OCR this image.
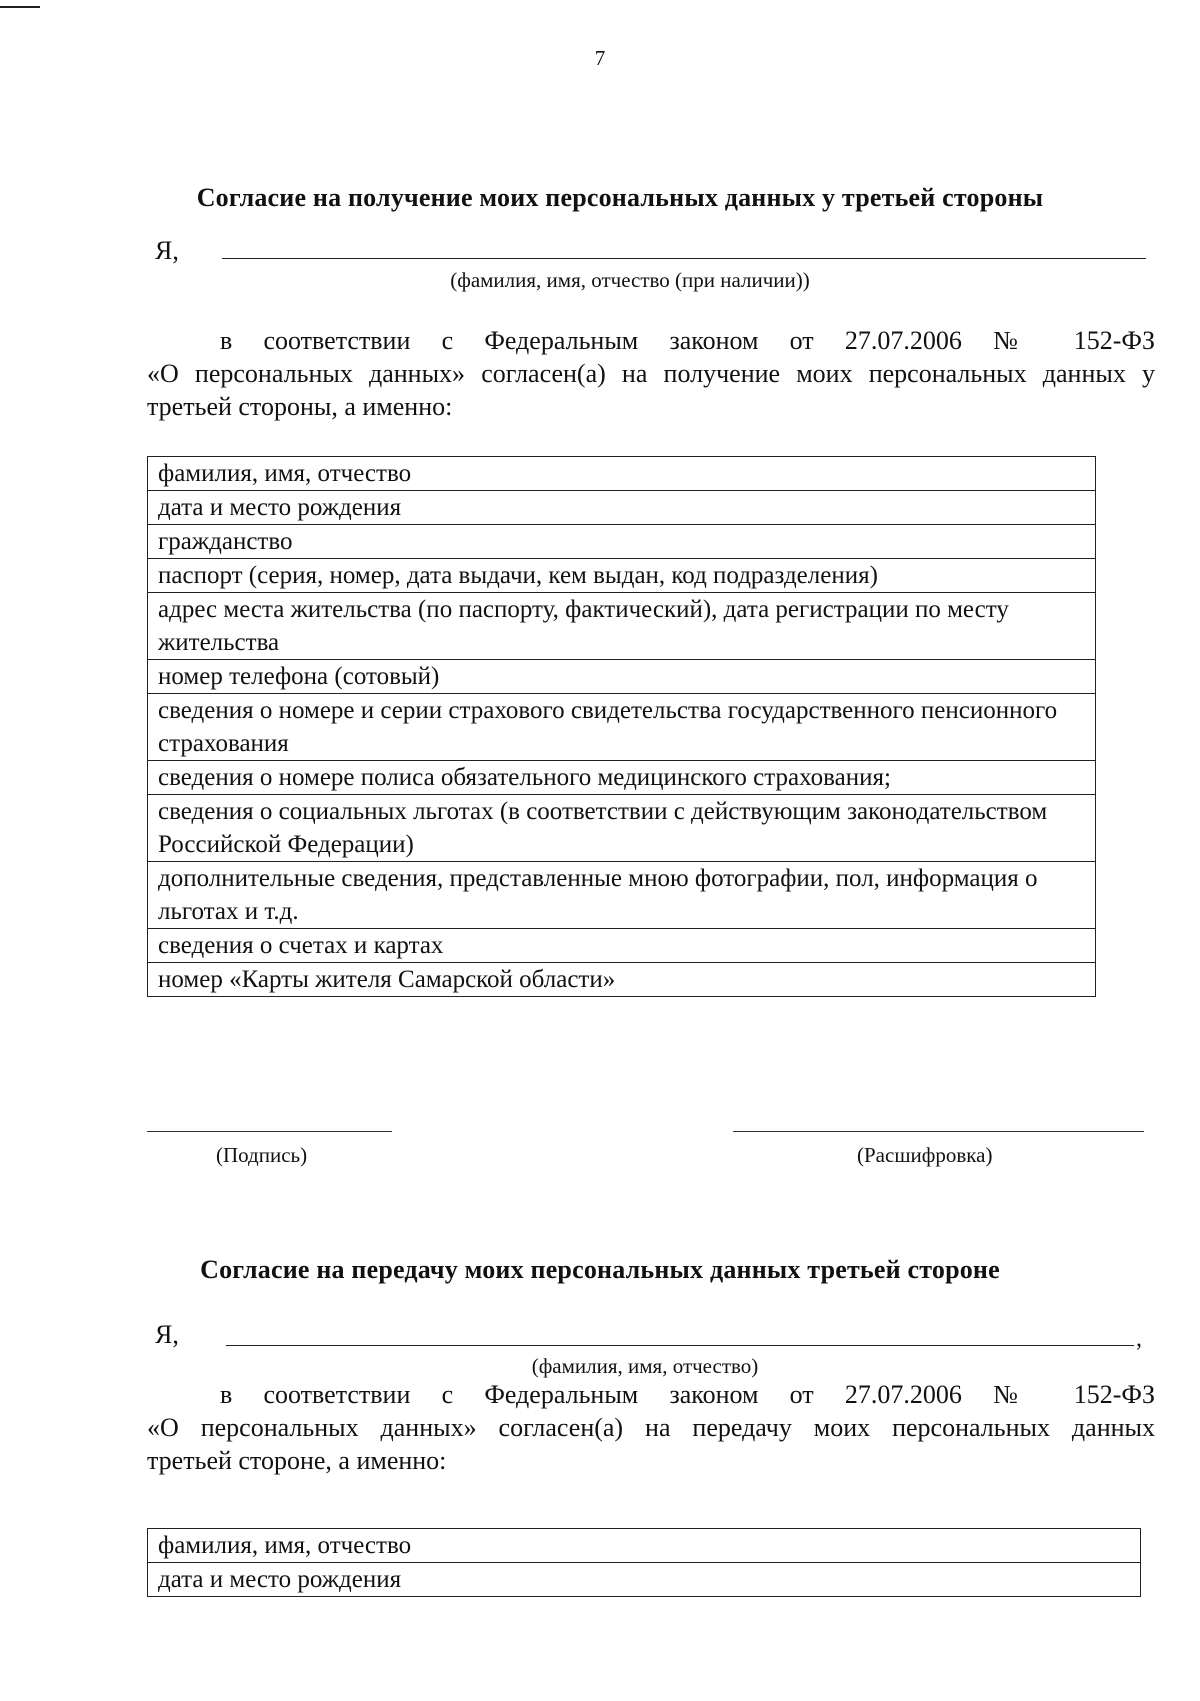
7
Согласие на получение моих персональных данных у третьей стороны
Я,
(фамилия, имя, отчество (при наличии))
в соответствии с Федеральным законом от 27.07.2006 № 152-ФЗ
«О персональных данных» согласен(а) на получение моих персональных данных у
третьей стороны, а именно:
фамилия, имя, отчество
дата и место рождения
гражданство
паспорт (серия, номер, дата выдачи, кем выдан, код подразделения)
адрес места жительства (по паспорту, фактический), дата регистрации по месту жительства
номер телефона (сотовый)
сведения о номере и серии страхового свидетельства государственного пенсионного страхования
сведения о номере полиса обязательного медицинского страхования;
сведения о социальных льготах (в соответствии с действующим законодательством Российской Федерации)
дополнительные сведения, представленные мною фотографии, пол, информация о льготах и т.д.
сведения о счетах и картах
номер «Карты жителя Самарской области»
(Подпись)	(Расшифровка)
Согласие на передачу моих персональных данных третьей стороне
Я,	,
(фамилия, имя, отчество)
в соответствии с Федеральным законом от 27.07.2006 № 152-ФЗ
«О персональных данных» согласен(а) на передачу моих персональных данных
третьей стороне, а именно:
фамилия, имя, отчество
дата и место рождения
